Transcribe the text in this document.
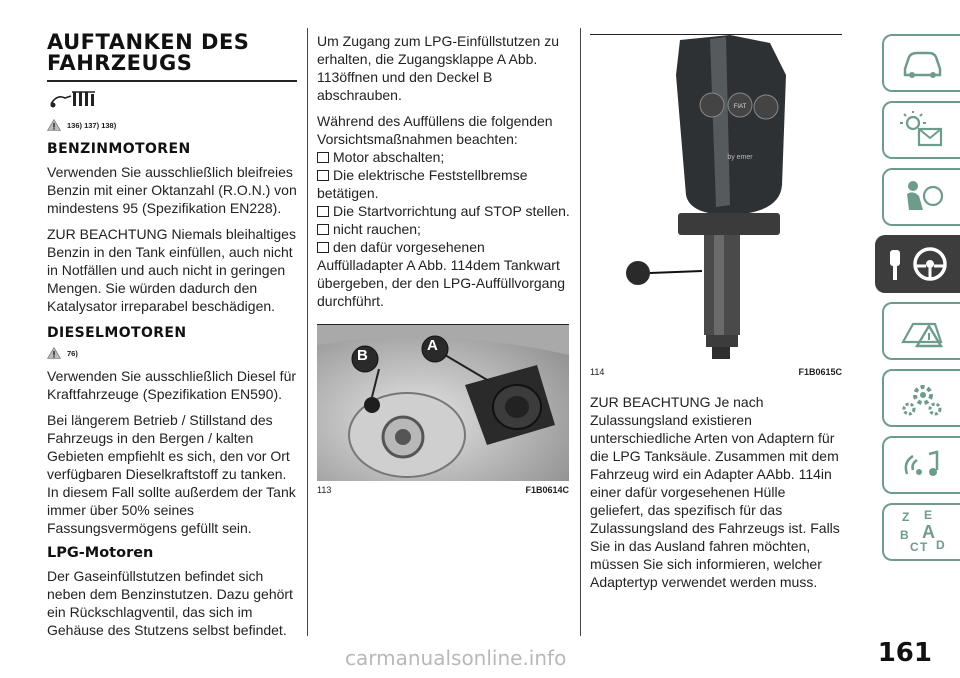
AUFTANKEN DES FAHRZEUGS
136) 137) 138)
BENZINMOTOREN

Verwenden Sie ausschließlich bleifreies Benzin mit einer Oktanzahl (R.O.N.) von mindestens 95 (Spezifikation EN228).

ZUR BEACHTUNG Niemals bleihaltiges Benzin in den Tank einfüllen, auch nicht in Notfällen und auch nicht in geringen Mengen. Sie würden dadurch den Katalysator irreparabel beschädigen.

DIESELMOTOREN
76)

Verwenden Sie ausschließlich Diesel für Kraftfahrzeuge (Spezifikation EN590).

Bei längerem Betrieb / Stillstand des Fahrzeugs in den Bergen / kalten Gebieten empfiehlt es sich, den vor Ort verfügbaren Dieselkraftstoff zu tanken. In diesem Fall sollte außerdem der Tank immer über 50% seines Fassungsvermögens gefüllt sein.

LPG-Motoren

Der Gaseinfüllstutzen befindet sich neben dem Benzinstutzen. Dazu gehört ein Rückschlagventil, das sich im Gehäuse des Stutzens selbst befindet.

Um Zugang zum LPG-Einfüllstutzen zu erhalten, die Zugangsklappe A Abb. 113öffnen und den Deckel B abschrauben.

Während des Auffüllens die folgenden Vorsichtsmaßnahmen beachten:

Motor abschalten;
Die elektrische Feststellbremse betätigen.
Die Startvorrichtung auf STOP stellen.
nicht rauchen;
den dafür vorgesehenen Auffülladapter A Abb. 114dem Tankwart übergeben, der den LPG-Auffüllvorgang durchführt.
B
A
113	F1B0614C
FIAT
by emer
A
114	F1B0615C

ZUR BEACHTUNG Je nach Zulassungsland existieren unterschiedliche Arten von Adaptern für die LPG Tanksäule. Zusammen mit dem Fahrzeug wird ein Adapter AAbb. 114in einer dafür vorgesehenen Hülle geliefert, das spezifisch für das Zulassungsland des Fahrzeugs ist. Falls Sie in das Ausland fahren möchten, müssen Sie sich informieren, welcher Adaptertyp verwendet werden muss.

Z E
B A
C T D
161
carmanualsonline.info
